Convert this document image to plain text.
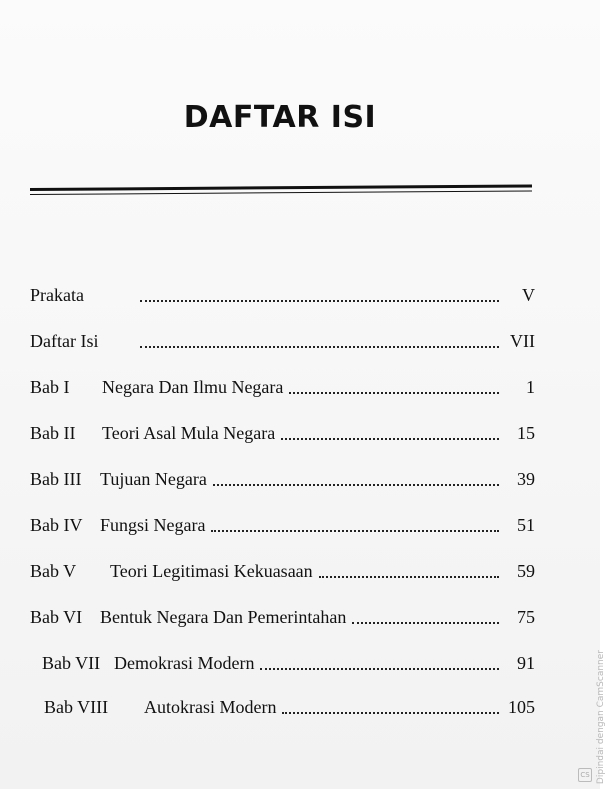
DAFTAR ISI
Prakata	V
Daftar Isi	VII
Bab I	Negara Dan Ilmu Negara	1
Bab II	Teori Asal Mula Negara	15
Bab III	Tujuan Negara	39
Bab IV Fungsi Negara	51
Bab V	Teori Legitimasi Kekuasaan	59
Bab VI Bentuk Negara Dan Pemerintahan	75
Bab VII Demokrasi Modern	91
Bab VIII	Autokrasi Modern	105	Dipindai dengan CamScanner
CS
